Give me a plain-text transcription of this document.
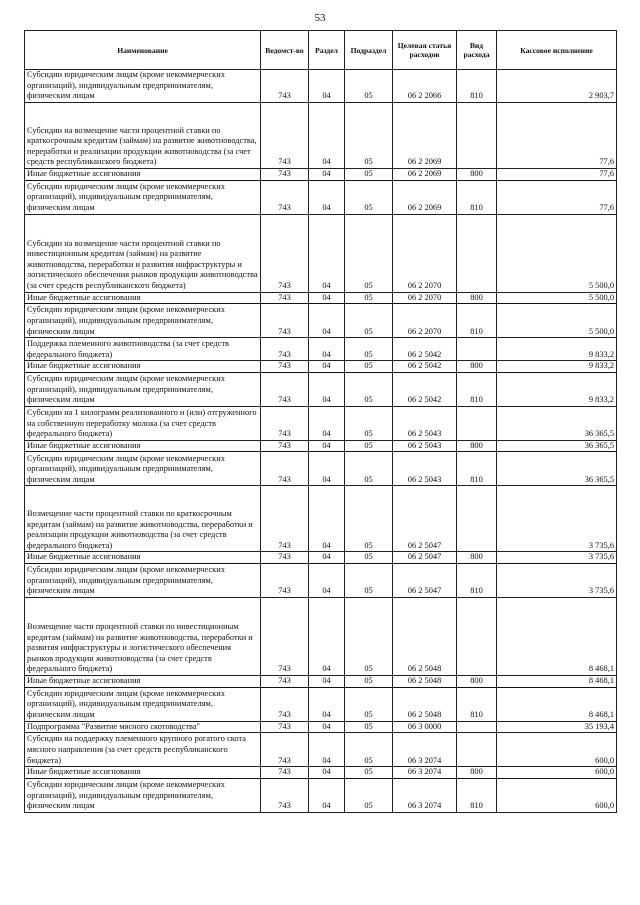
53
Наименование	Ведомст-во	Раздел	Подраздел	Целевая статья расходов	Вид расхода	Кассовое исполнение
Субсидии юридическим лицам (кроме некоммерческих организаций), индивидуальным предпринимателям, физическим лицам	743	04	05	06 2 2066	810	2 903,7
Субсидии на возмещение части процентной ставки по краткосрочным кредитам (займам) на развитие животноводства, переработки и реализации продукции животноводства (за счет средств республиканского бюджета)	743	04	05	06 2 2069		77,6
Иные бюджетные ассигнования	743	04	05	06 2 2069	800	77,6
Субсидии юридическим лицам (кроме некоммерческих организаций), индивидуальным предпринимателям, физическим лицам	743	04	05	06 2 2069	810	77,6
Субсидии на возмещение части процентной ставки по инвестиционным кредитам (займам) на развитие животноводства, переработки и развития инфраструктуры и логистического обеспечения рынков продукции животноводства (за счет средств республиканского бюджета)	743	04	05	06 2 2070		5 500,0
Иные бюджетные ассигнования	743	04	05	06 2 2070	800	5 500,0
Субсидии юридическим лицам (кроме некоммерческих организаций), индивидуальным предпринимателям, физическим лицам	743	04	05	06 2 2070	810	5 500,0
Поддержка племенного животноводства (за счет средств федерального бюджета)	743	04	05	06 2 5042		9 833,2
Иные бюджетные ассигнования	743	04	05	06 2 5042	800	9 833,2
Субсидии юридическим лицам (кроме некоммерческих организаций), индивидуальным предпринимателям, физическим лицам	743	04	05	06 2 5042	810	9 833,2
Субсидии на 1 килограмм реализованного и (или) отгруженного на собственную переработку молока (за счет средств федерального бюджета)	743	04	05	06 2 5043		36 365,5
Иные бюджетные ассигнования	743	04	05	06 2 5043	800	36 365,5
Субсидии юридическим лицам (кроме некоммерческих организаций), индивидуальным предпринимателям, физическим лицам	743	04	05	06 2 5043	810	36 365,5
Возмещение части процентной ставки по краткосрочным кредитам (займам) на развитие животноводства, переработки и реализации продукции животноводства (за счет средств федерального бюджета)	743	04	05	06 2 5047		3 735,6
Иные бюджетные ассигнования	743	04	05	06 2 5047	800	3 735,6
Субсидии юридическим лицам (кроме некоммерческих организаций), индивидуальным предпринимателям, физическим лицам	743	04	05	06 2 5047	810	3 735,6
Возмещение части процентной ставки по инвестиционным кредитам (займам) на развитие животноводства, переработки и развития инфраструктуры и логистического обеспечения рынков продукции животноводства (за счет средств федерального бюджета)	743	04	05	06 2 5048		8 468,1
Иные бюджетные ассигнования	743	04	05	06 2 5048	800	8 468,1
Субсидии юридическим лицам (кроме некоммерческих организаций), индивидуальным предпринимателям, физическим лицам	743	04	05	06 2 5048	810	8 468,1
Подпрограмма "Развитие мясного скотоводства"	743	04	05	06 3 0000		35 193,4
Субсидии на поддержку племенного крупного рогатого скота мясного направления (за счет средств республиканского бюджета)	743	04	05	06 3 2074		600,0
Иные бюджетные ассигнования	743	04	05	06 3 2074	800	600,0
Субсидии юридическим лицам (кроме некоммерческих организаций), индивидуальным предпринимателям, физическим лицам	743	04	05	06 3 2074	810	600,0
